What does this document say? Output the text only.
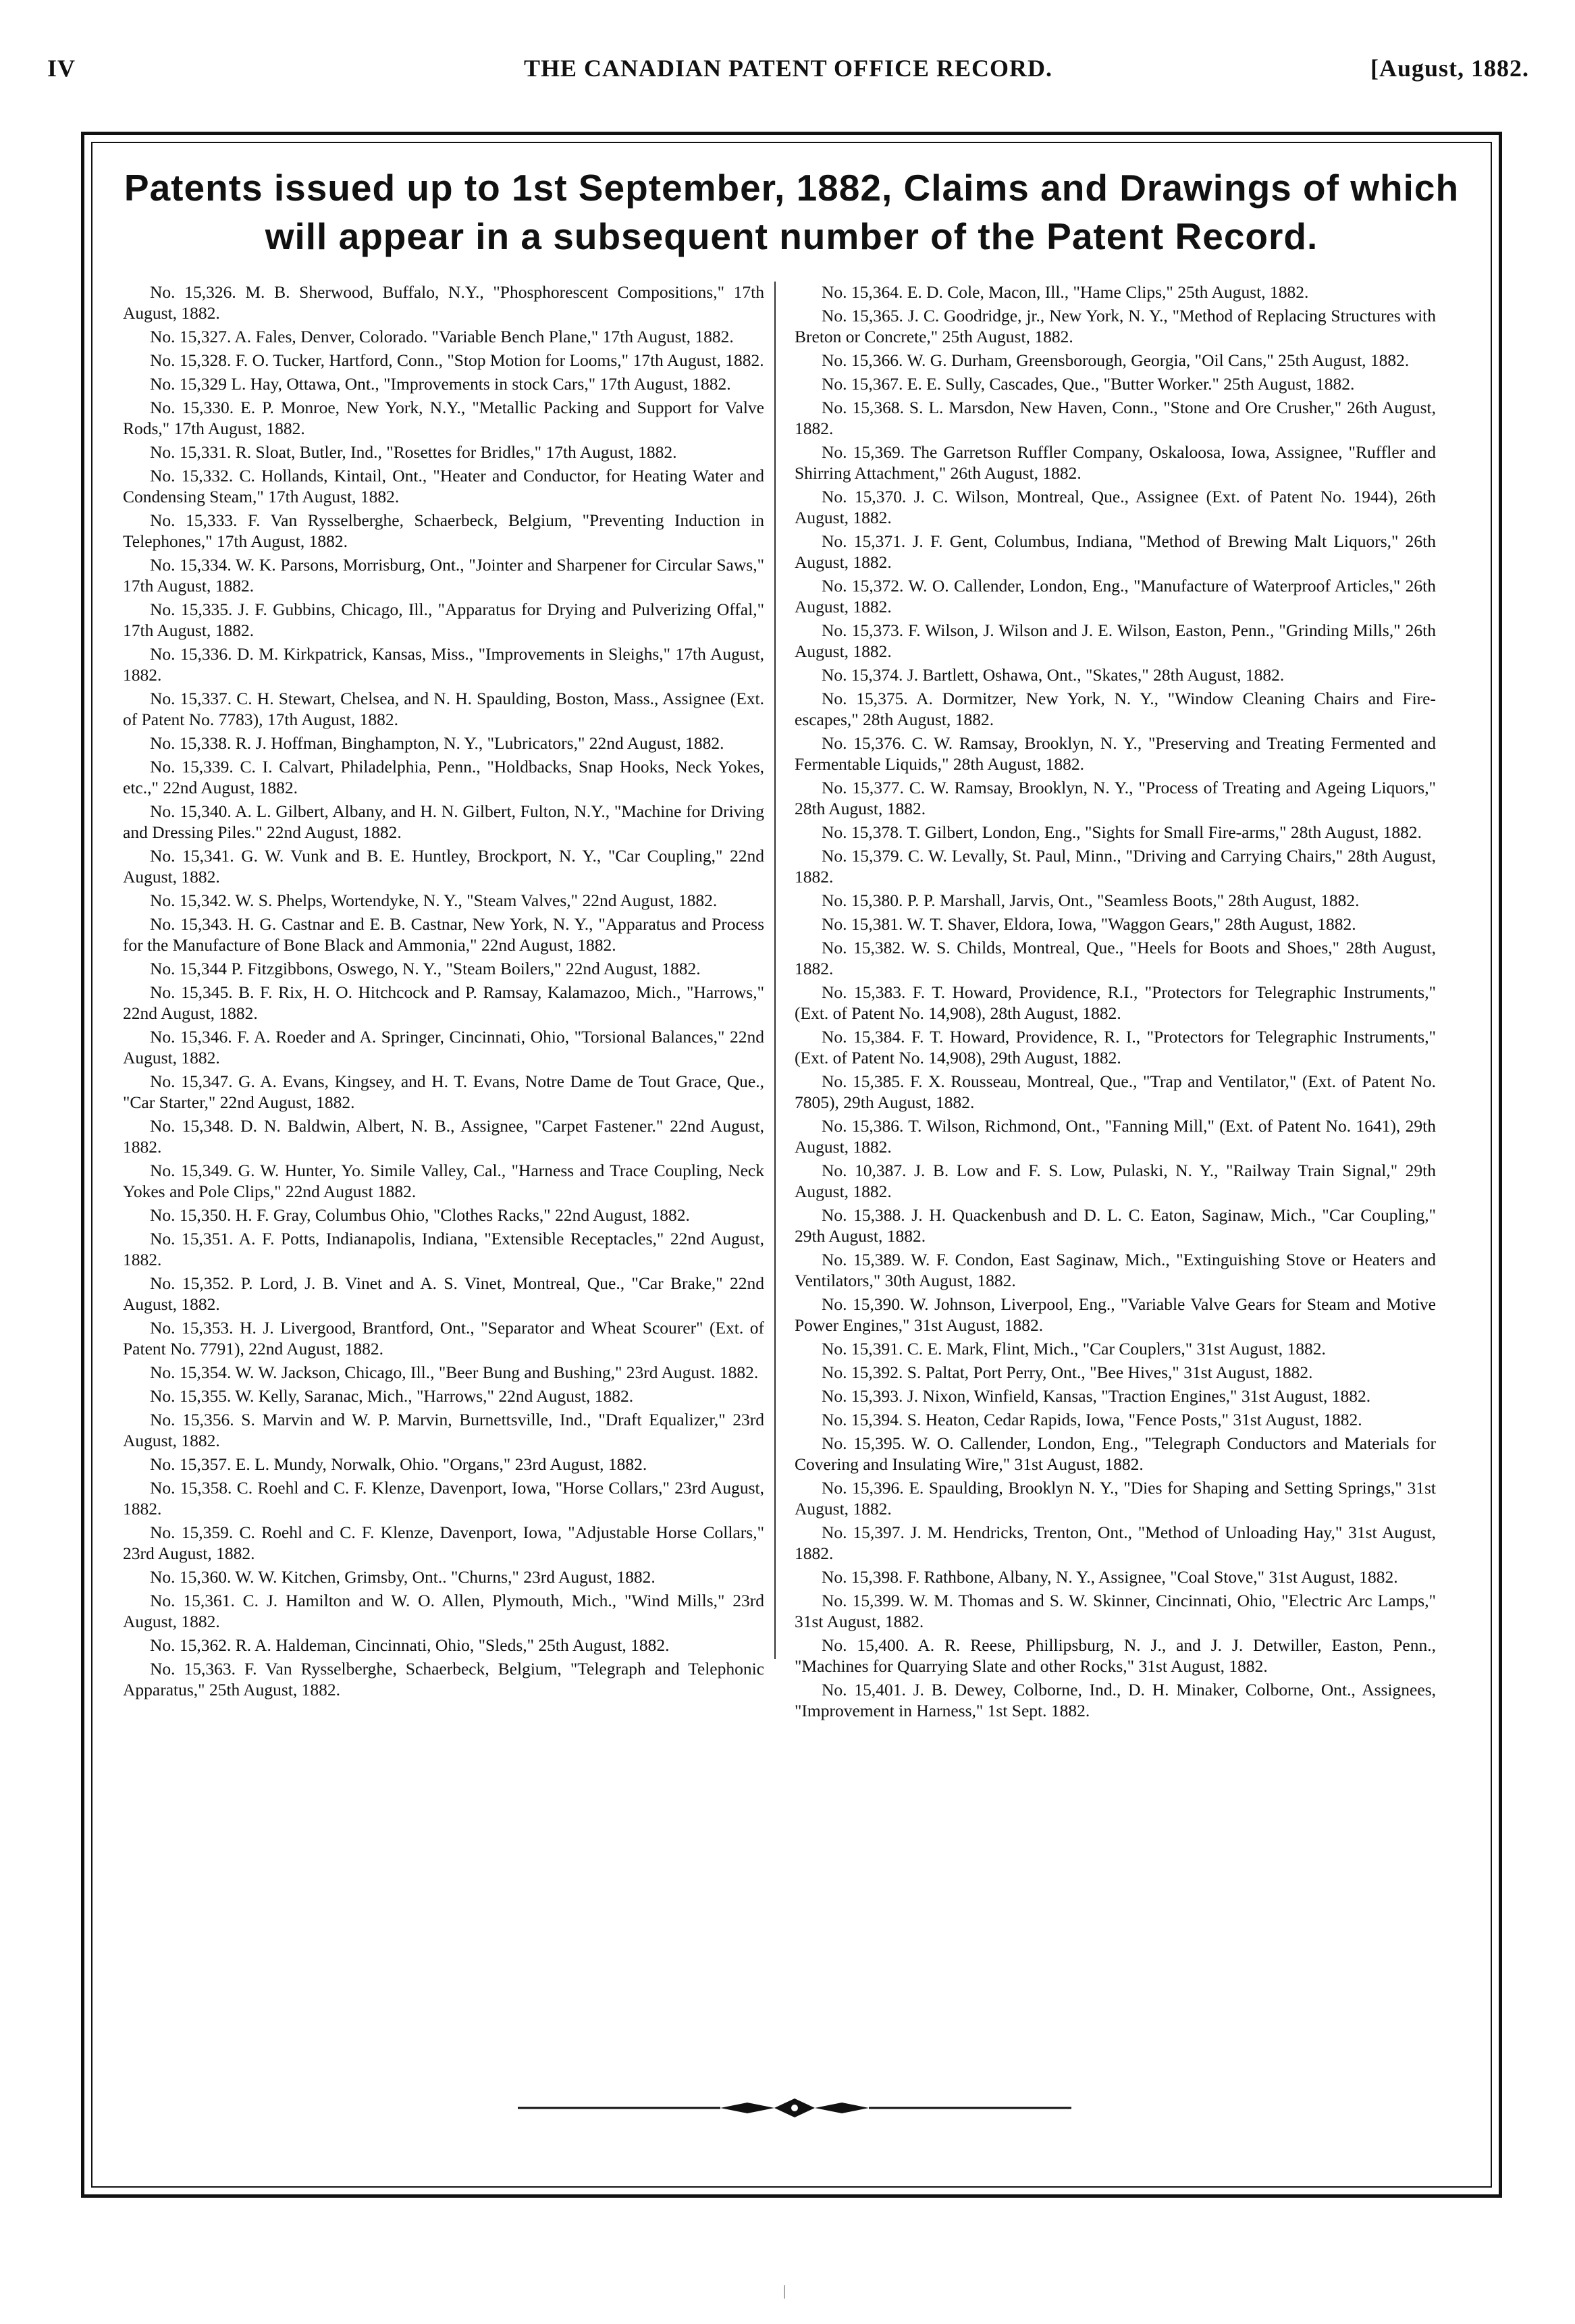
IV	THE CANADIAN PATENT OFFICE RECORD.	[August, 1882.
Patents issued up to 1st September, 1882, Claims and Drawings of which will appear in a subsequent number of the Patent Record.

No. 15,326. M. B. Sherwood, Buffalo, N.Y., "Phosphorescent Compositions," 17th August, 1882.

No. 15,327. A. Fales, Denver, Colorado. "Variable Bench Plane," 17th August, 1882.

No. 15,328. F. O. Tucker, Hartford, Conn., "Stop Motion for Looms," 17th August, 1882.

No. 15,329 L. Hay, Ottawa, Ont., "Improvements in stock Cars," 17th August, 1882.

No. 15,330. E. P. Monroe, New York, N.Y., "Metallic Packing and Support for Valve Rods," 17th August, 1882.

No. 15,331. R. Sloat, Butler, Ind., "Rosettes for Bridles," 17th August, 1882.

No. 15,332. C. Hollands, Kintail, Ont., "Heater and Conductor, for Heating Water and Condensing Steam," 17th August, 1882.

No. 15,333. F. Van Rysselberghe, Schaerbeck, Belgium, "Preventing Induction in Telephones," 17th August, 1882.

No. 15,334. W. K. Parsons, Morrisburg, Ont., "Jointer and Sharpener for Circular Saws," 17th August, 1882.

No. 15,335. J. F. Gubbins, Chicago, Ill., "Apparatus for Drying and Pulverizing Offal," 17th August, 1882.

No. 15,336. D. M. Kirkpatrick, Kansas, Miss., "Improvements in Sleighs," 17th August, 1882.

No. 15,337. C. H. Stewart, Chelsea, and N. H. Spaulding, Boston, Mass., Assignee (Ext. of Patent No. 7783), 17th August, 1882.

No. 15,338. R. J. Hoffman, Binghampton, N. Y., "Lubricators," 22nd August, 1882.

No. 15,339. C. I. Calvart, Philadelphia, Penn., "Holdbacks, Snap Hooks, Neck Yokes, etc.," 22nd August, 1882.

No. 15,340. A. L. Gilbert, Albany, and H. N. Gilbert, Fulton, N.Y., "Machine for Driving and Dressing Piles." 22nd August, 1882.

No. 15,341. G. W. Vunk and B. E. Huntley, Brockport, N. Y., "Car Coupling," 22nd August, 1882.

No. 15,342. W. S. Phelps, Wortendyke, N. Y., "Steam Valves," 22nd August, 1882.

No. 15,343. H. G. Castnar and E. B. Castnar, New York, N. Y., "Apparatus and Process for the Manufacture of Bone Black and Ammonia," 22nd August, 1882.

No. 15,344 P. Fitzgibbons, Oswego, N. Y., "Steam Boilers," 22nd August, 1882.

No. 15,345. B. F. Rix, H. O. Hitchcock and P. Ramsay, Kalamazoo, Mich., "Harrows," 22nd August, 1882.

No. 15,346. F. A. Roeder and A. Springer, Cincinnati, Ohio, "Torsional Balances," 22nd August, 1882.

No. 15,347. G. A. Evans, Kingsey, and H. T. Evans, Notre Dame de Tout Grace, Que., "Car Starter," 22nd August, 1882.

No. 15,348. D. N. Baldwin, Albert, N. B., Assignee, "Carpet Fastener." 22nd August, 1882.

No. 15,349. G. W. Hunter, Yo. Simile Valley, Cal., "Harness and Trace Coupling, Neck Yokes and Pole Clips," 22nd August 1882.

No. 15,350. H. F. Gray, Columbus Ohio, "Clothes Racks," 22nd August, 1882.

No. 15,351. A. F. Potts, Indianapolis, Indiana, "Extensible Receptacles," 22nd August, 1882.

No. 15,352. P. Lord, J. B. Vinet and A. S. Vinet, Montreal, Que., "Car Brake," 22nd August, 1882.

No. 15,353. H. J. Livergood, Brantford, Ont., "Separator and Wheat Scourer" (Ext. of Patent No. 7791), 22nd August, 1882.

No. 15,354. W. W. Jackson, Chicago, Ill., "Beer Bung and Bushing," 23rd August. 1882.

No. 15,355. W. Kelly, Saranac, Mich., "Harrows," 22nd August, 1882.

No. 15,356. S. Marvin and W. P. Marvin, Burnettsville, Ind., "Draft Equalizer," 23rd August, 1882.

No. 15,357. E. L. Mundy, Norwalk, Ohio. "Organs," 23rd August, 1882.

No. 15,358. C. Roehl and C. F. Klenze, Davenport, Iowa, "Horse Collars," 23rd August, 1882.

No. 15,359. C. Roehl and C. F. Klenze, Davenport, Iowa, "Adjustable Horse Collars," 23rd August, 1882.

No. 15,360. W. W. Kitchen, Grimsby, Ont.. "Churns," 23rd August, 1882.

No. 15,361. C. J. Hamilton and W. O. Allen, Plymouth, Mich., "Wind Mills," 23rd August, 1882.

No. 15,362. R. A. Haldeman, Cincinnati, Ohio, "Sleds," 25th August, 1882.

No. 15,363. F. Van Rysselberghe, Schaerbeck, Belgium, "Telegraph and Telephonic Apparatus," 25th August, 1882.

No. 15,364. E. D. Cole, Macon, Ill., "Hame Clips," 25th August, 1882.

No. 15,365. J. C. Goodridge, jr., New York, N. Y., "Method of Replacing Structures with Breton or Concrete," 25th August, 1882.

No. 15,366. W. G. Durham, Greensborough, Georgia, "Oil Cans," 25th August, 1882.

No. 15,367. E. E. Sully, Cascades, Que., "Butter Worker." 25th August, 1882.

No. 15,368. S. L. Marsdon, New Haven, Conn., "Stone and Ore Crusher," 26th August, 1882.

No. 15,369. The Garretson Ruffler Company, Oskaloosa, Iowa, Assignee, "Ruffler and Shirring Attachment," 26th August, 1882.

No. 15,370. J. C. Wilson, Montreal, Que., Assignee (Ext. of Patent No. 1944), 26th August, 1882.

No. 15,371. J. F. Gent, Columbus, Indiana, "Method of Brewing Malt Liquors," 26th August, 1882.

No. 15,372. W. O. Callender, London, Eng., "Manufacture of Waterproof Articles," 26th August, 1882.

No. 15,373. F. Wilson, J. Wilson and J. E. Wilson, Easton, Penn., "Grinding Mills," 26th August, 1882.

No. 15,374. J. Bartlett, Oshawa, Ont., "Skates," 28th August, 1882.

No. 15,375. A. Dormitzer, New York, N. Y., "Window Cleaning Chairs and Fire-escapes," 28th August, 1882.

No. 15,376. C. W. Ramsay, Brooklyn, N. Y., "Preserving and Treating Fermented and Fermentable Liquids," 28th August, 1882.

No. 15,377. C. W. Ramsay, Brooklyn, N. Y., "Process of Treating and Ageing Liquors," 28th August, 1882.

No. 15,378. T. Gilbert, London, Eng., "Sights for Small Fire-arms," 28th August, 1882.

No. 15,379. C. W. Levally, St. Paul, Minn., "Driving and Carrying Chairs," 28th August, 1882.

No. 15,380. P. P. Marshall, Jarvis, Ont., "Seamless Boots," 28th August, 1882.

No. 15,381. W. T. Shaver, Eldora, Iowa, "Waggon Gears," 28th August, 1882.

No. 15,382. W. S. Childs, Montreal, Que., "Heels for Boots and Shoes," 28th August, 1882.

No. 15,383. F. T. Howard, Providence, R.I., "Protectors for Telegraphic Instruments," (Ext. of Patent No. 14,908), 28th August, 1882.

No. 15,384. F. T. Howard, Providence, R. I., "Protectors for Telegraphic Instruments," (Ext. of Patent No. 14,908), 29th August, 1882.

No. 15,385. F. X. Rousseau, Montreal, Que., "Trap and Ventilator," (Ext. of Patent No. 7805), 29th August, 1882.

No. 15,386. T. Wilson, Richmond, Ont., "Fanning Mill," (Ext. of Patent No. 1641), 29th August, 1882.

No. 10,387. J. B. Low and F. S. Low, Pulaski, N. Y., "Railway Train Signal," 29th August, 1882.

No. 15,388. J. H. Quackenbush and D. L. C. Eaton, Saginaw, Mich., "Car Coupling," 29th August, 1882.

No. 15,389. W. F. Condon, East Saginaw, Mich., "Extinguishing Stove or Heaters and Ventilators," 30th August, 1882.

No. 15,390. W. Johnson, Liverpool, Eng., "Variable Valve Gears for Steam and Motive Power Engines," 31st August, 1882.

No. 15,391. C. E. Mark, Flint, Mich., "Car Couplers," 31st August, 1882.

No. 15,392. S. Paltat, Port Perry, Ont., "Bee Hives," 31st August, 1882.

No. 15,393. J. Nixon, Winfield, Kansas, "Traction Engines," 31st August, 1882.

No. 15,394. S. Heaton, Cedar Rapids, Iowa, "Fence Posts," 31st August, 1882.

No. 15,395. W. O. Callender, London, Eng., "Telegraph Conductors and Materials for Covering and Insulating Wire," 31st August, 1882.

No. 15,396. E. Spaulding, Brooklyn N. Y., "Dies for Shaping and Setting Springs," 31st August, 1882.

No. 15,397. J. M. Hendricks, Trenton, Ont., "Method of Unloading Hay," 31st August, 1882.

No. 15,398. F. Rathbone, Albany, N. Y., Assignee, "Coal Stove," 31st August, 1882.

No. 15,399. W. M. Thomas and S. W. Skinner, Cincinnati, Ohio, "Electric Arc Lamps," 31st August, 1882.

No. 15,400. A. R. Reese, Phillipsburg, N. J., and J. J. Detwiller, Easton, Penn., "Machines for Quarrying Slate and other Rocks," 31st August, 1882.

No. 15,401. J. B. Dewey, Colborne, Ind., D. H. Minaker, Colborne, Ont., Assignees, "Improvement in Harness," 1st Sept. 1882.

|
